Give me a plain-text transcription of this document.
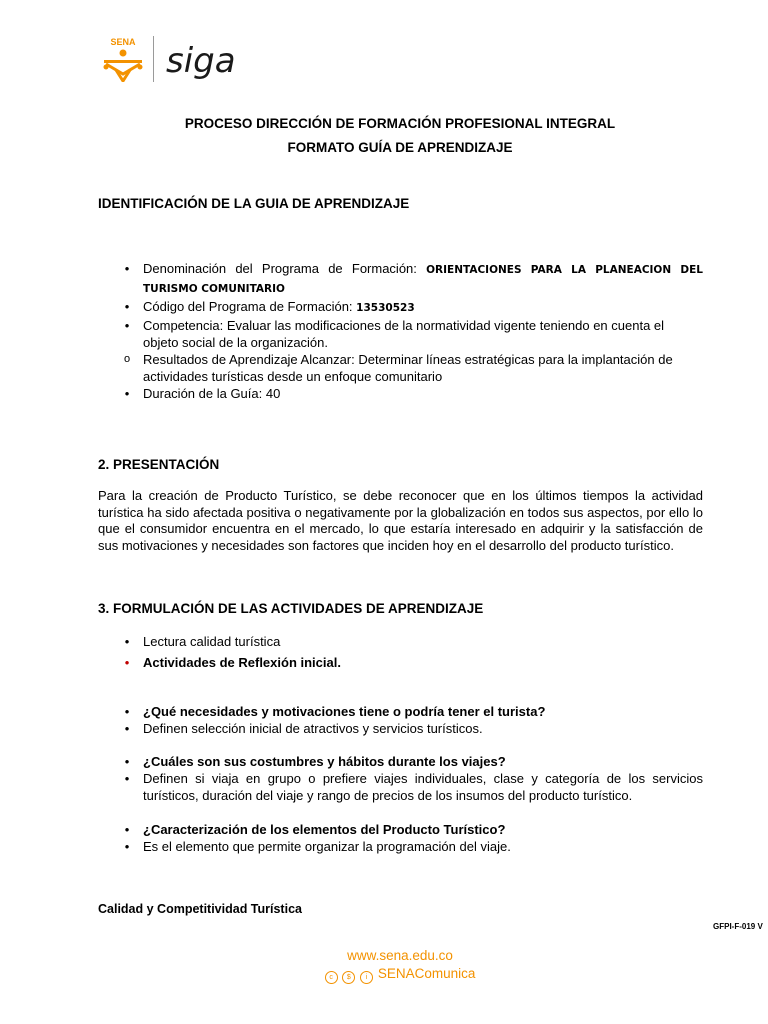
SENA siga
PROCESO DIRECCIÓN DE FORMACIÓN PROFESIONAL INTEGRAL
FORMATO GUÍA DE APRENDIZAJE
IDENTIFICACIÓN DE LA GUIA DE APRENDIZAJE
• Denominación del Programa de Formación: ORIENTACIONES PARA LA PLANEACION DEL TURISMO COMUNITARIO
• Código del Programa de Formación: 13530523
• Competencia: Evaluar las modificaciones de la normatividad vigente teniendo en cuenta el objeto social de la organización.
o Resultados de Aprendizaje Alcanzar: Determinar líneas estratégicas para la implantación de actividades turísticas desde un enfoque comunitario
• Duración de la Guía: 40
2. PRESENTACIÓN
Para la creación de Producto Turístico, se debe reconocer que en los últimos tiempos la actividad turística ha sido afectada positiva o negativamente por la globalización en todos sus aspectos, por ello lo que el consumidor encuentra en el mercado, lo que estaría interesado en adquirir y la satisfacción de sus motivaciones y necesidades son factores que inciden hoy en el desarrollo del producto turístico.
3. FORMULACIÓN DE LAS ACTIVIDADES DE APRENDIZAJE
• Lectura calidad turística
• Actividades de Reflexión inicial.
• ¿Qué necesidades y motivaciones tiene o podría tener el turista?
• Definen selección inicial de atractivos y servicios turísticos.
• ¿Cuáles son sus costumbres y hábitos durante los viajes?
• Definen si viaja en grupo o prefiere viajes individuales, clase y categoría de los servicios turísticos, duración del viaje y rango de precios de los insumos del producto turístico.
• ¿Caracterización de los elementos del Producto Turístico?
• Es el elemento que permite organizar la programación del viaje.
Calidad y Competitividad Turística
GFPI-F-019 V
www.sena.edu.co
c $ i SENAComunica
